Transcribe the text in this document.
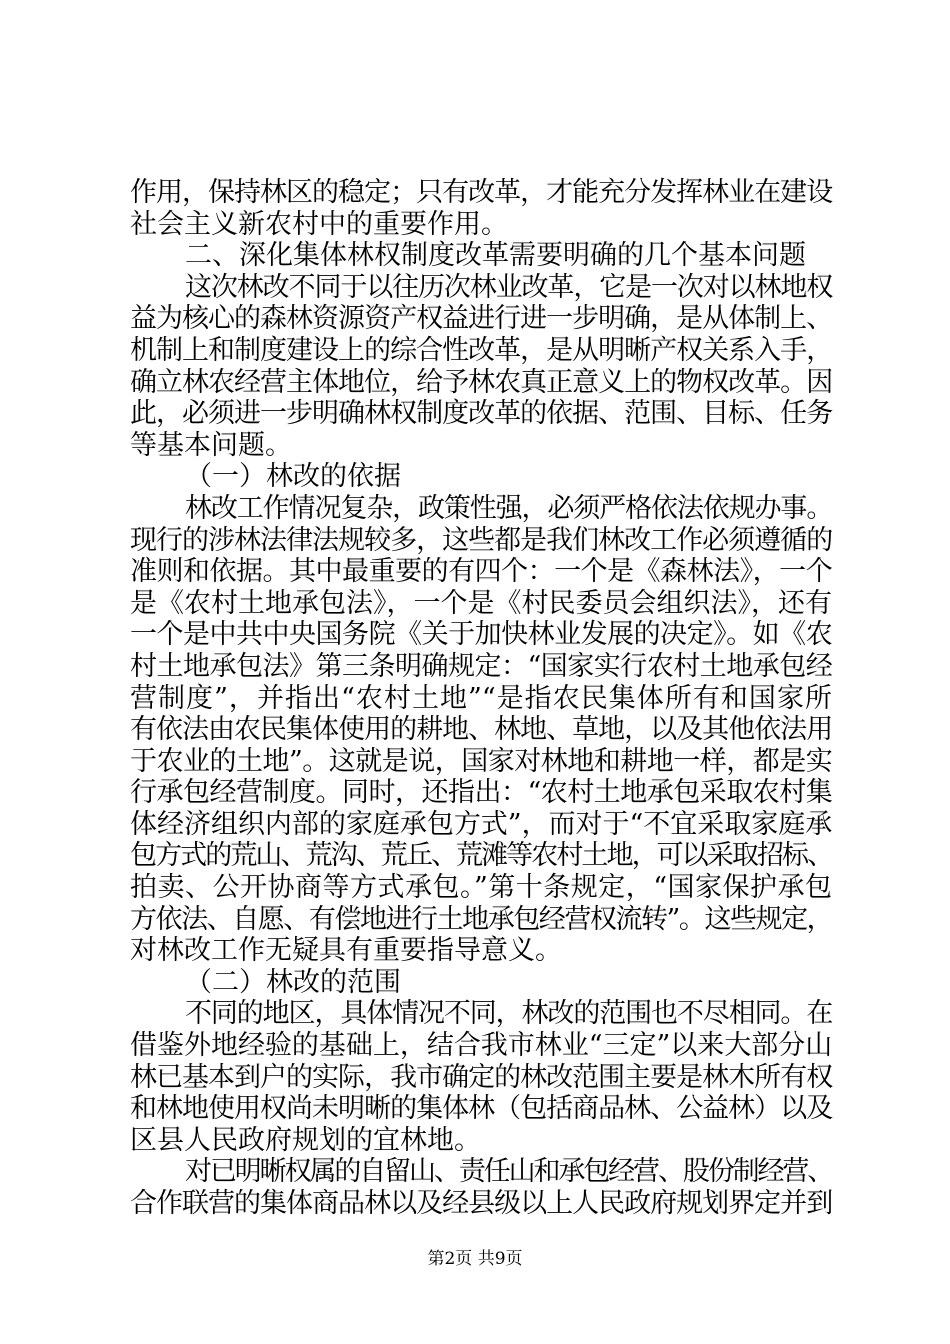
作用，保持林区的稳定；只有改革，才能充分发挥林业在建设
社会主义新农村中的重要作用。
二、深化集体林权制度改革需要明确的几个基本问题
这次林改不同于以往历次林业改革，它是一次对以林地权
益为核心的森林资源资产权益进行进一步明确，是从体制上、
机制上和制度建设上的综合性改革，是从明晰产权关系入手，
确立林农经营主体地位，给予林农真正意义上的物权改革。因
此，必须进一步明确林权制度改革的依据、范围、目标、任务
等基本问题。
（一）林改的依据
林改工作情况复杂，政策性强，必须严格依法依规办事。
现行的涉林法律法规较多，这些都是我们林改工作必须遵循的
准则和依据。其中最重要的有四个：一个是《森林法》，一个
是《农村土地承包法》，一个是《村民委员会组织法》，还有
一个是中共中央国务院《关于加快林业发展的决定》。如《农
村土地承包法》第三条明确规定：“国家实行农村土地承包经
营制度”，并指出“农村土地”“是指农民集体所有和国家所
有依法由农民集体使用的耕地、林地、草地，以及其他依法用
于农业的土地”。这就是说，国家对林地和耕地一样，都是实
行承包经营制度。同时，还指出：“农村土地承包采取农村集
体经济组织内部的家庭承包方式”，而对于“不宜采取家庭承
包方式的荒山、荒沟、荒丘、荒滩等农村土地，可以采取招标、
拍卖、公开协商等方式承包。”第十条规定，“国家保护承包
方依法、自愿、有偿地进行土地承包经营权流转”。这些规定，
对林改工作无疑具有重要指导意义。
（二）林改的范围
不同的地区，具体情况不同，林改的范围也不尽相同。在
借鉴外地经验的基础上，结合我市林业“三定”以来大部分山
林已基本到户的实际，我市确定的林改范围主要是林木所有权
和林地使用权尚未明晰的集体林（包括商品林、公益林）以及
区县人民政府规划的宜林地。
对已明晰权属的自留山、责任山和承包经营、股份制经营、
合作联营的集体商品林以及经县级以上人民政府规划界定并到
第2页 共9页
